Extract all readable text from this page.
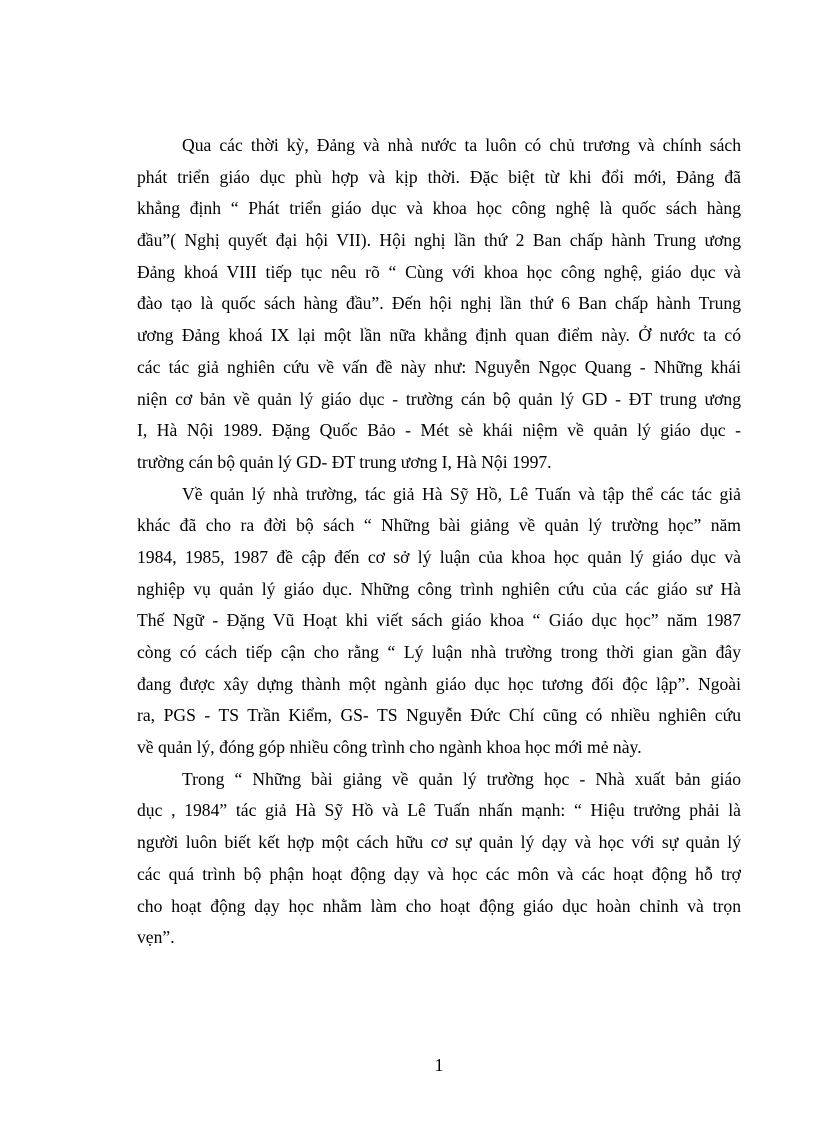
Qua các thời kỳ, Đảng và nhà nước ta luôn có chủ trương và chính sách
phát triển giáo dục phù hợp và kịp thời. Đặc biệt từ khi đổi mới, Đảng đã
khẳng định “ Phát triển giáo dục và khoa học công nghệ là quốc sách hàng
đầu”( Nghị quyết đại hội VII). Hội nghị lần thứ 2 Ban chấp hành Trung ương
Đảng khoá VIII tiếp tục nêu rõ “ Cùng với khoa học công nghệ, giáo dục và
đào tạo là quốc sách hàng đầu”. Đến hội nghị lần thứ 6 Ban chấp hành Trung
ương Đảng khoá IX lại một lần nữa khẳng định quan điểm này. Ở nước ta có
các tác giả nghiên cứu về vấn đề này như: Nguyễn Ngọc Quang - Những khái
niện cơ bản về quản lý giáo dục - trường cán bộ quản lý GD - ĐT trung ương
I, Hà Nội 1989. Đặng Quốc Bảo - Mét sè khái niệm về quản lý giáo dục -
trường cán bộ quản lý GD- ĐT trung ương I, Hà Nội 1997.
Về quản lý nhà trường, tác giả Hà Sỹ Hồ, Lê Tuấn và tập thể các tác giả
khác đã cho ra đời bộ sách “ Những bài giảng về quản lý trường học” năm
1984, 1985, 1987 đề cập đến cơ sở lý luận của khoa học quản lý giáo dục và
nghiệp vụ quản lý giáo dục. Những công trình nghiên cứu của các giáo sư Hà
Thế Ngữ - Đặng Vũ Hoạt khi viết sách giáo khoa “ Giáo dục học” năm 1987
còng có cách tiếp cận cho rằng “ Lý luận nhà trường trong thời gian gần đây
đang được xây dựng thành một ngành giáo dục học tương đối độc lập”. Ngoài
ra, PGS - TS Trần Kiểm, GS- TS Nguyễn Đức Chí cũng có nhiều nghiên cứu
về quản lý, đóng góp nhiều công trình cho ngành khoa học mới mẻ này.
Trong “ Những bài giảng về quản lý trường học - Nhà xuất bản giáo
dục , 1984” tác giả Hà Sỹ Hồ và Lê Tuấn nhấn mạnh: “ Hiệu trưởng phải là
người luôn biết kết hợp một cách hữu cơ sự quản lý dạy và học với sự quản lý
các quá trình bộ phận hoạt động dạy và học các môn và các hoạt động hỗ trợ
cho hoạt động dạy học nhằm làm cho hoạt động giáo dục hoàn chỉnh và trọn
vẹn”.
1
